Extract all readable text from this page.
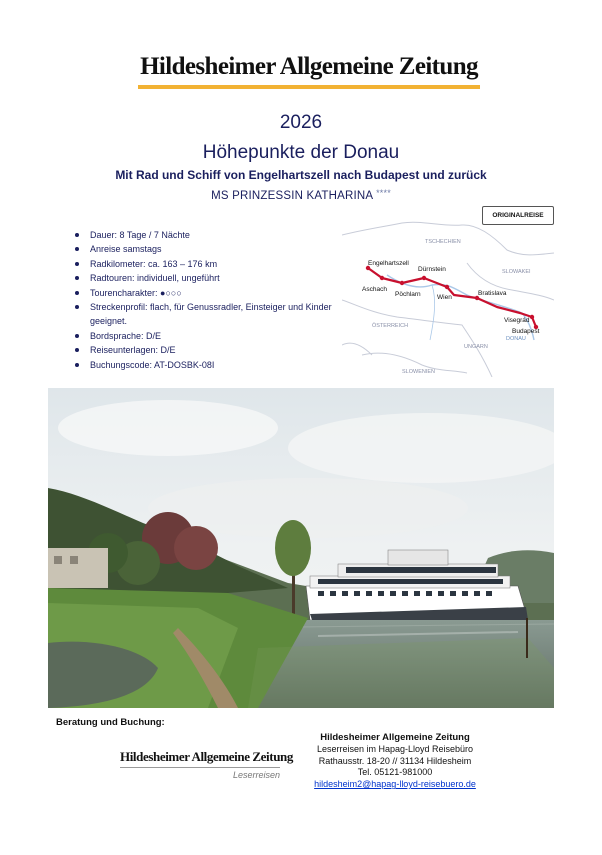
Hildesheimer Allgemeine Zeitung
2026
Höhepunkte der Donau
Mit Rad und Schiff von Engelhartszell nach Budapest und zurück
MS PRINZESSIN KATHARINA ****
Dauer: 8 Tage / 7 Nächte
Anreise samstags
Radkilometer: ca. 163 – 176 km
Radtouren: individuell, ungeführt
Tourencharakter: ●○○○
Streckenprofil: flach, für Genussradler, Einsteiger und Kinder geeignet.
Bordsprache: D/E
Reiseunterlagen: D/E
Buchungscode: AT-DOSBK-08I
TSCHECHIEN
SLOWAKEI
ÖSTERREICH
UNGARN
SLOWENIEN
DONAU
Engelhartszell
Aschach
Dürnstein
Pöchlarn	Wien
Bratislava
Visegrád
Budapest
ORIGINALREISE
Beratung und Buchung:
Hildesheimer Allgemeine Zeitung
Leserreisen
Hildesheimer Allgemeine Zeitung
Leserreisen im Hapag-Lloyd Reisebüro
Rathausstr. 18-20 // 31134 Hildesheim
Tel. 05121-981000
hildesheim2@hapag-lloyd-reisebuero.de
